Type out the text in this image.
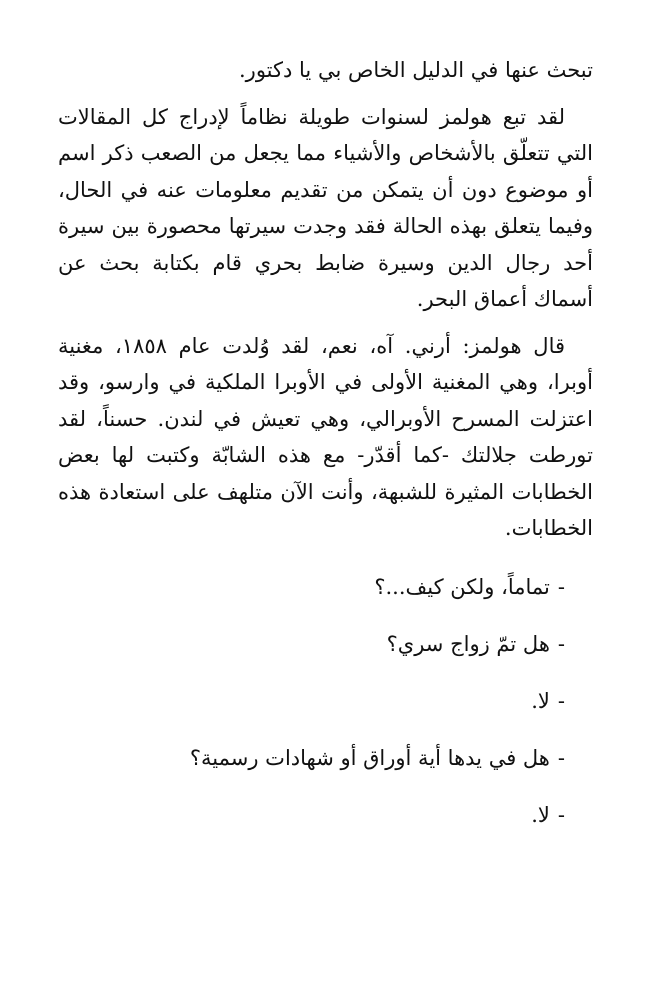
تبحث عنها في الدليل الخاص بي يا دكتور.

لقد تبع هولمز لسنوات طويلة نظاماً لإدراج كل المقالات التي تتعلّق بالأشخاص والأشياء مما يجعل من الصعب ذكر اسم أو موضوع دون أن يتمكن من تقديم معلومات عنه في الحال، وفيما يتعلق بهذه الحالة فقد وجدت سيرتها محصورة بين سيرة أحد رجال الدين وسيرة ضابط بحري قام بكتابة بحث عن أسماك أعماق البحر.

قال هولمز: أرني. آه، نعم، لقد وُلدت عام ١٨٥٨، مغنية أوبرا، وهي المغنية الأولى في الأوبرا الملكية في وارسو، وقد اعتزلت المسرح الأوبرالي، وهي تعيش في لندن. حسناً، لقد تورطت جلالتك -كما أقدّر- مع هذه الشابّة وكتبت لها بعض الخطابات المثيرة للشبهة، وأنت الآن متلهف على استعادة هذه الخطابات.

-تماماً، ولكن كيف...؟
-هل تمّ زواج سري؟
-لا.
-هل في يدها أية أوراق أو شهادات رسمية؟
-لا.
